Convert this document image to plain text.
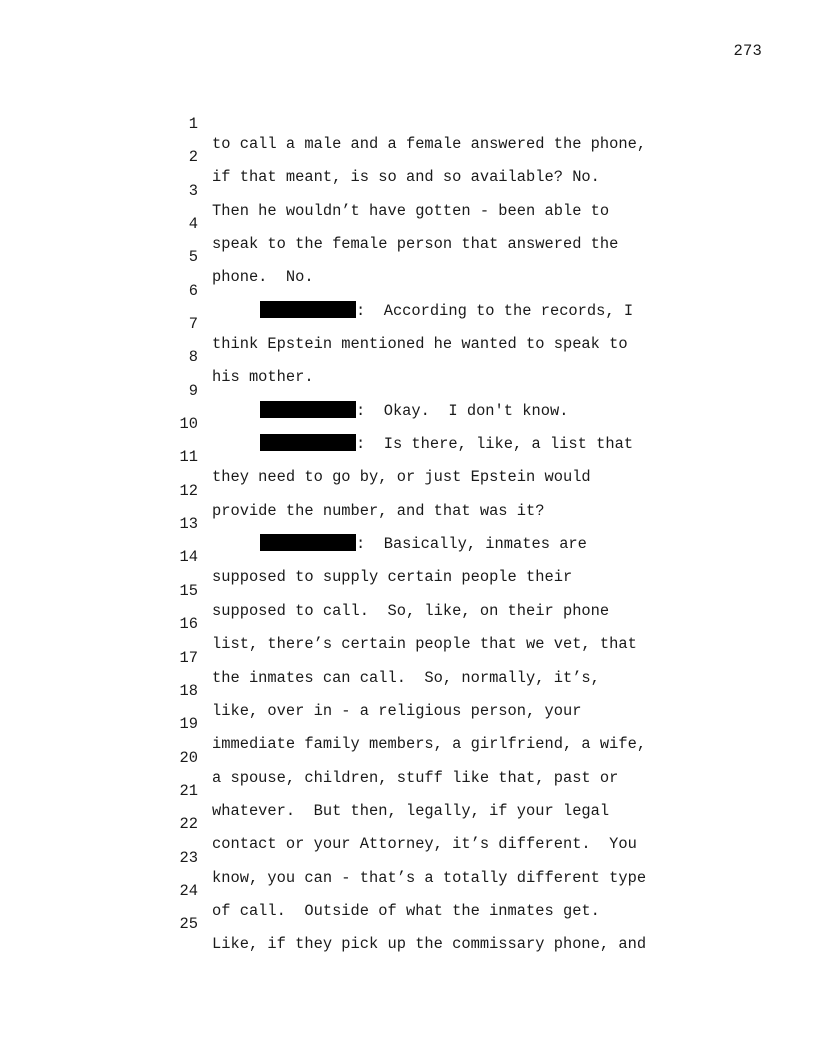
273

1

to call a male and a female answered the phone,

2

if that meant, is so and so available? No.

3

Then he wouldn’t have gotten - been able to

4

speak to the female person that answered the

5

phone.  No.

6

:  According to the records, I

7

think Epstein mentioned he wanted to speak to

8

his mother.

9

:  Okay.  I don't know.

10

:  Is there, like, a list that

11

they need to go by, or just Epstein would

12

provide the number, and that was it?

13

:  Basically, inmates are

14

supposed to supply certain people their

15

supposed to call.  So, like, on their phone

16

list, there’s certain people that we vet, that

17

the inmates can call.  So, normally, it’s,

18

like, over in - a religious person, your

19

immediate family members, a girlfriend, a wife,

20

a spouse, children, stuff like that, past or

21

whatever.  But then, legally, if your legal

22

contact or your Attorney, it’s different.  You

23

know, you can - that’s a totally different type

24

of call.  Outside of what the inmates get.

25

Like, if they pick up the commissary phone, and
